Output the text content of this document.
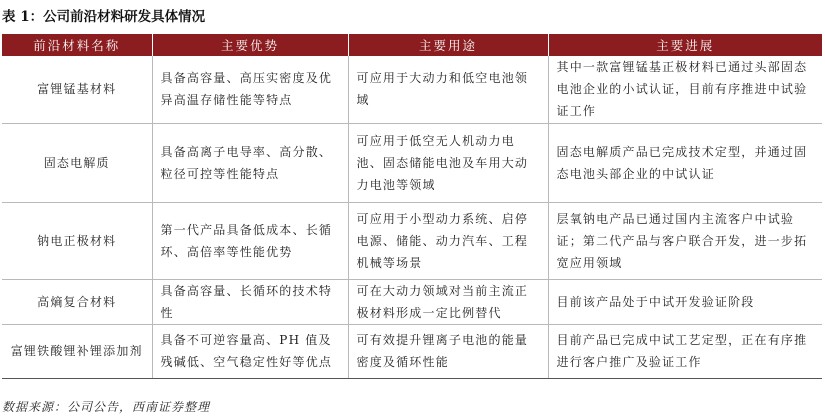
表 1：公司前沿材料研发具体情况
前沿材料名称	主要优势	主要用途	主要进展
富锂锰基材料	具备高容量、高压实密度及优异高温存储性能等特点	可应用于大动力和低空电池领域	其中一款富锂锰基正极材料已通过头部固态电池企业的小试认证，目前有序推进中试验证工作
固态电解质	具备高离子电导率、高分散、粒径可控等性能特点	可应用于低空无人机动力电池、固态储能电池及车用大动力电池等领域	固态电解质产品已完成技术定型，并通过固态电池头部企业的中试认证
钠电正极材料	第一代产品具备低成本、长循环、高倍率等性能优势	可应用于小型动力系统、启停电源、储能、动力汽车、工程机械等场景	层氧钠电产品已通过国内主流客户中试验证；第二代产品与客户联合开发，进一步拓宽应用领域
高熵复合材料	具备高容量、长循环的技术特性	可在大动力领域对当前主流正极材料形成一定比例替代	目前该产品处于中试开发验证阶段
富锂铁酸锂补锂添加剂	具备不可逆容量高、PH 值及残碱低、空气稳定性好等优点	可有效提升锂离子电池的能量密度及循环性能	目前产品已完成中试工艺定型，正在有序推进行客户推广及验证工作
数据来源：公司公告，西南证券整理
